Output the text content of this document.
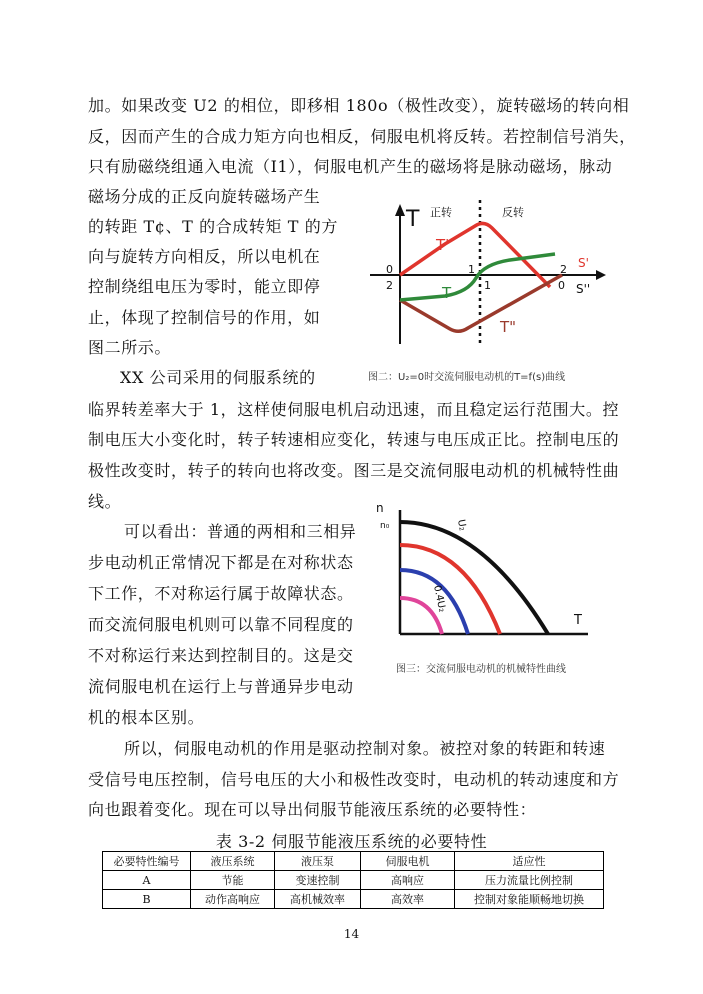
加。如果改变 U2 的相位，即移相 180o（极性改变），旋转磁场的转向相
反，因而产生的合成力矩方向也相反，伺服电机将反转。若控制信号消失，
只有励磁绕组通入电流（I1），伺服电机产生的磁场将是脉动磁场，脉动
磁场分成的正反向旋转磁场产生
的转距 T¢、T 的合成转矩 T 的方
向与旋转方向相反，所以电机在
控制绕组电压为零时，能立即停
止，体现了控制信号的作用，如
图二所示。
XX 公司采用的伺服系统的
临界转差率大于 1，这样使伺服电机启动迅速，而且稳定运行范围大。控
制电压大小变化时，转子转速相应变化，转速与电压成正比。控制电压的
极性改变时，转子的转向也将改变。图三是交流伺服电动机的机械特性曲
线。
可以看出：普通的两相和三相异
步电动机正常情况下都是在对称状态
下工作，不对称运行属于故障状态。
而交流伺服电机则可以靠不同程度的
不对称运行来达到控制目的。这是交
流伺服电机在运行上与普通异步电动
机的根本区别。
所以，伺服电动机的作用是驱动控制对象。被控对象的转距和转速
受信号电压控制，信号电压的大小和极性改变时，电动机的转动速度和方
向也跟着变化。现在可以导出伺服节能液压系统的必要特性：
T 正转	反转
T'
T
T"
S'
S''
0
2
1
1
2
0
图二：U₂=0时交流伺服电动机的T=f(s)曲线
n
n₀	U₂
0.4U₂
T
图三：交流伺服电动机的机械特性曲线
表 3-2 伺服节能液压系统的必要特性
必要特性编号	液压系统	液压泵	伺服电机	适应性
A	节能	变速控制	高响应	压力流量比例控制
B	动作高响应	高机械效率	高效率	控制对象能顺畅地切换
14
